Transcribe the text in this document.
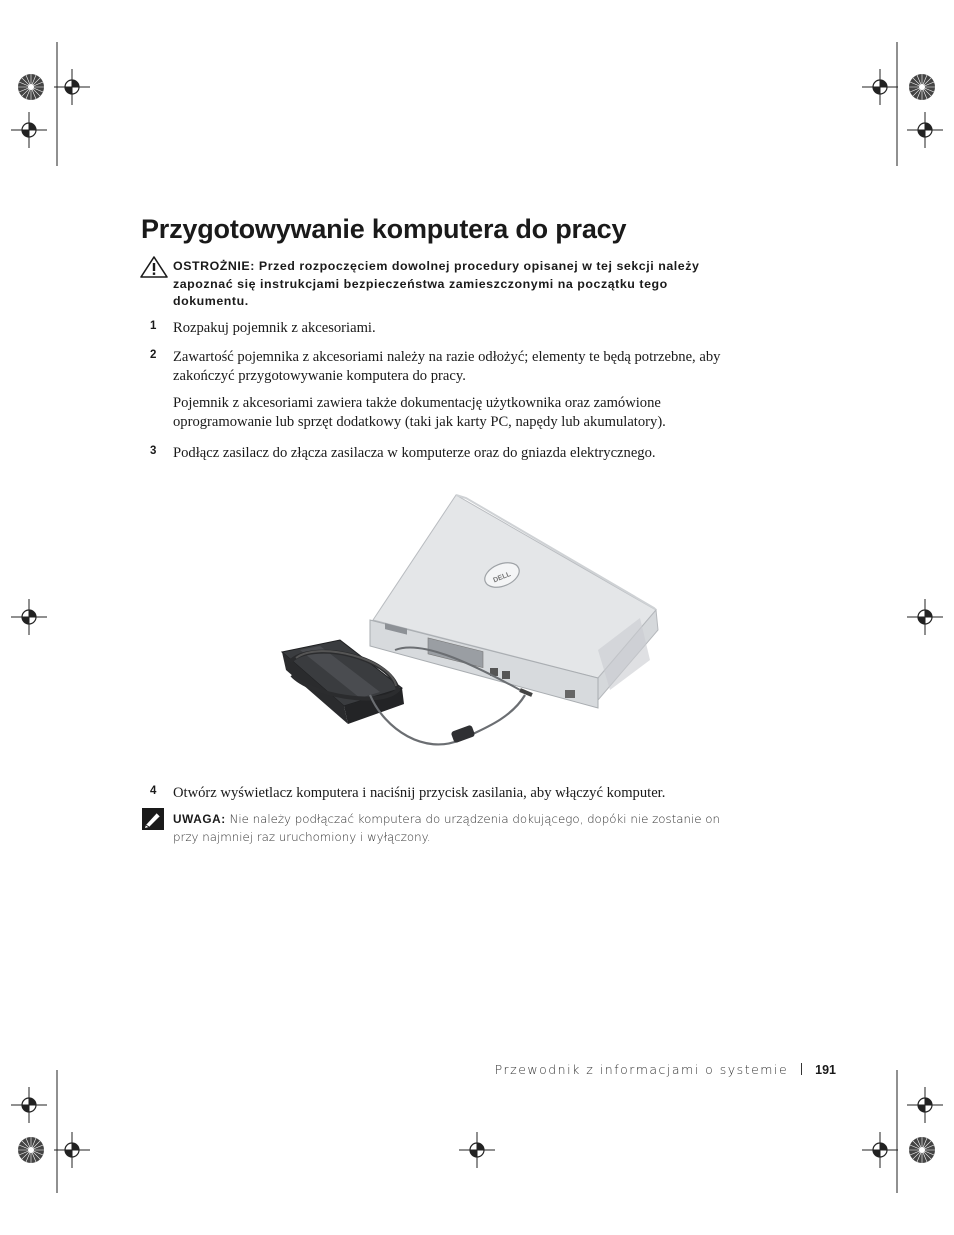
Przygotowywanie komputera do pracy
OSTROŻNIE: Przed rozpoczęciem dowolnej procedury opisanej w tej sekcji należy zapoznać się instrukcjami bezpieczeństwa zamieszczonymi na początku tego dokumentu.
1 Rozpakuj pojemnik z akcesoriami.
2 Zawartość pojemnika z akcesoriami należy na razie odłożyć; elementy te będą potrzebne, aby zakończyć przygotowywanie komputera do pracy.
Pojemnik z akcesoriami zawiera także dokumentację użytkownika oraz zamówione oprogramowanie lub sprzęt dodatkowy (taki jak karty PC, napędy lub akumulatory).
3 Podłącz zasilacz do złącza zasilacza w komputerze oraz do gniazda elektrycznego.
DELL
4 Otwórz wyświetlacz komputera i naciśnij przycisk zasilania, aby włączyć komputer.
UWAGA: Nie należy podłączać komputera do urządzenia dokującego, dopóki nie zostanie on przy najmniej raz uruchomiony i wyłączony.
Przewodnik z informacjami o systemie 191
